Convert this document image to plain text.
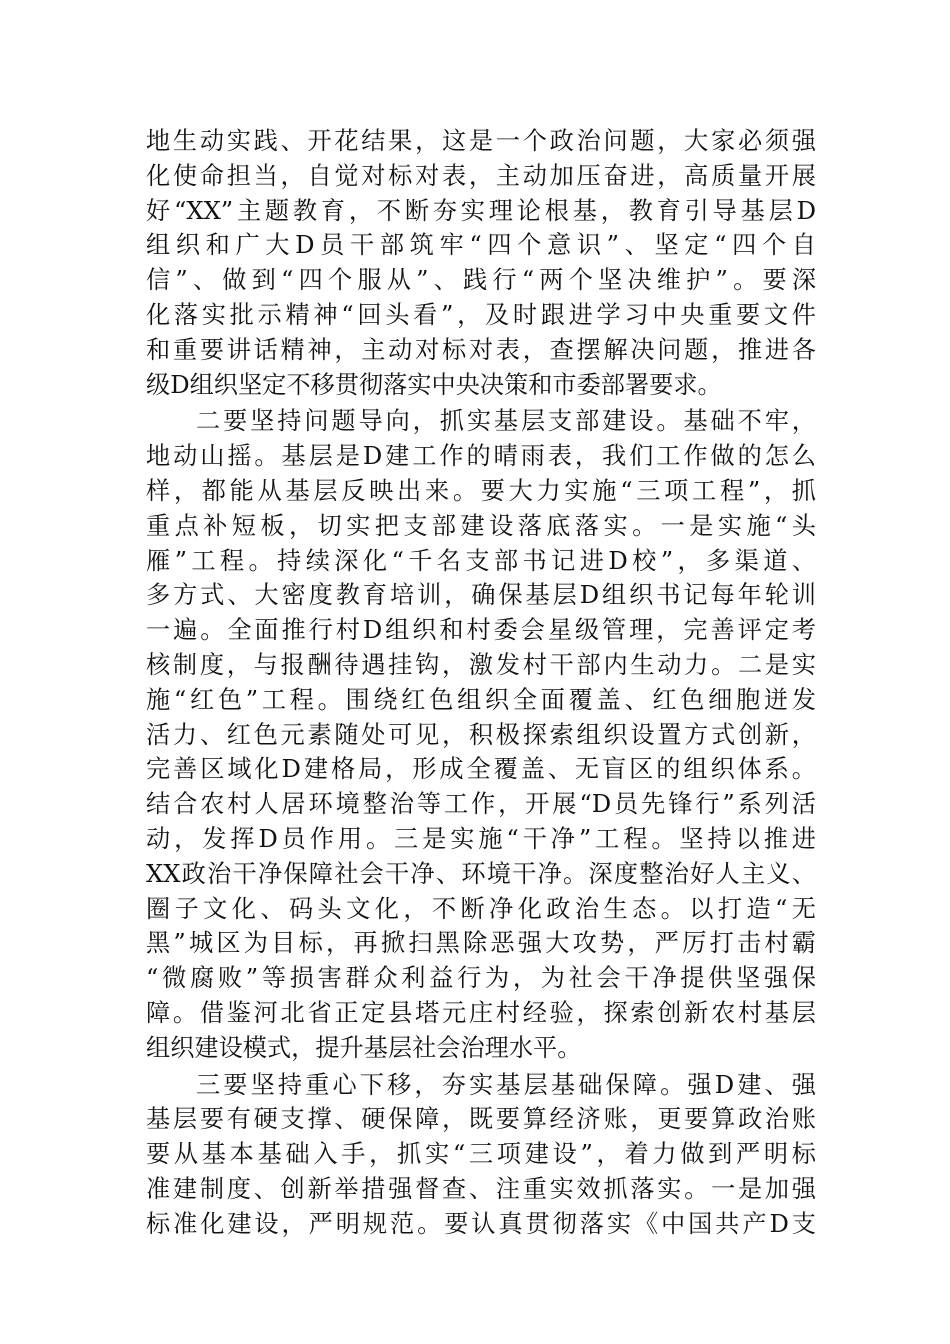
地生动实践、开花结果，这是一个政治问题，大家必须强
化使命担当，自觉对标对表，主动加压奋进，高质量开展
好“XX”主题教育，不断夯实理论根基，教育引导基层D
组织和广大D员干部筑牢“四个意识”、坚定“四个自
信”、做到“四个服从”、践行“两个坚决维护”。要深
化落实批示精神“回头看”，及时跟进学习中央重要文件
和重要讲话精神，主动对标对表，查摆解决问题，推进各
级D组织坚定不移贯彻落实中央决策和市委部署要求。
二要坚持问题导向，抓实基层支部建设。基础不牢，
地动山摇。基层是D建工作的晴雨表，我们工作做的怎么
样，都能从基层反映出来。要大力实施“三项工程”，抓
重点补短板，切实把支部建设落底落实。一是实施“头
雁”工程。持续深化“千名支部书记进D校”，多渠道、
多方式、大密度教育培训，确保基层D组织书记每年轮训
一遍。全面推行村D组织和村委会星级管理，完善评定考
核制度，与报酬待遇挂钩，激发村干部内生动力。二是实
施“红色”工程。围绕红色组织全面覆盖、红色细胞迸发
活力、红色元素随处可见，积极探索组织设置方式创新，
完善区域化D建格局，形成全覆盖、无盲区的组织体系。
结合农村人居环境整治等工作，开展“D员先锋行”系列活
动，发挥D员作用。三是实施“干净”工程。坚持以推进
XX政治干净保障社会干净、环境干净。深度整治好人主义、
圈子文化、码头文化，不断净化政治生态。以打造“无
黑”城区为目标，再掀扫黑除恶强大攻势，严厉打击村霸
“微腐败”等损害群众利益行为，为社会干净提供坚强保
障。借鉴河北省正定县塔元庄村经验，探索创新农村基层
组织建设模式，提升基层社会治理水平。
三要坚持重心下移，夯实基层基础保障。强D建、强
基层要有硬支撑、硬保障，既要算经济账，更要算政治账
要从基本基础入手，抓实“三项建设”，着力做到严明标
准建制度、创新举措强督查、注重实效抓落实。一是加强
标准化建设，严明规范。要认真贯彻落实《中国共产D支
